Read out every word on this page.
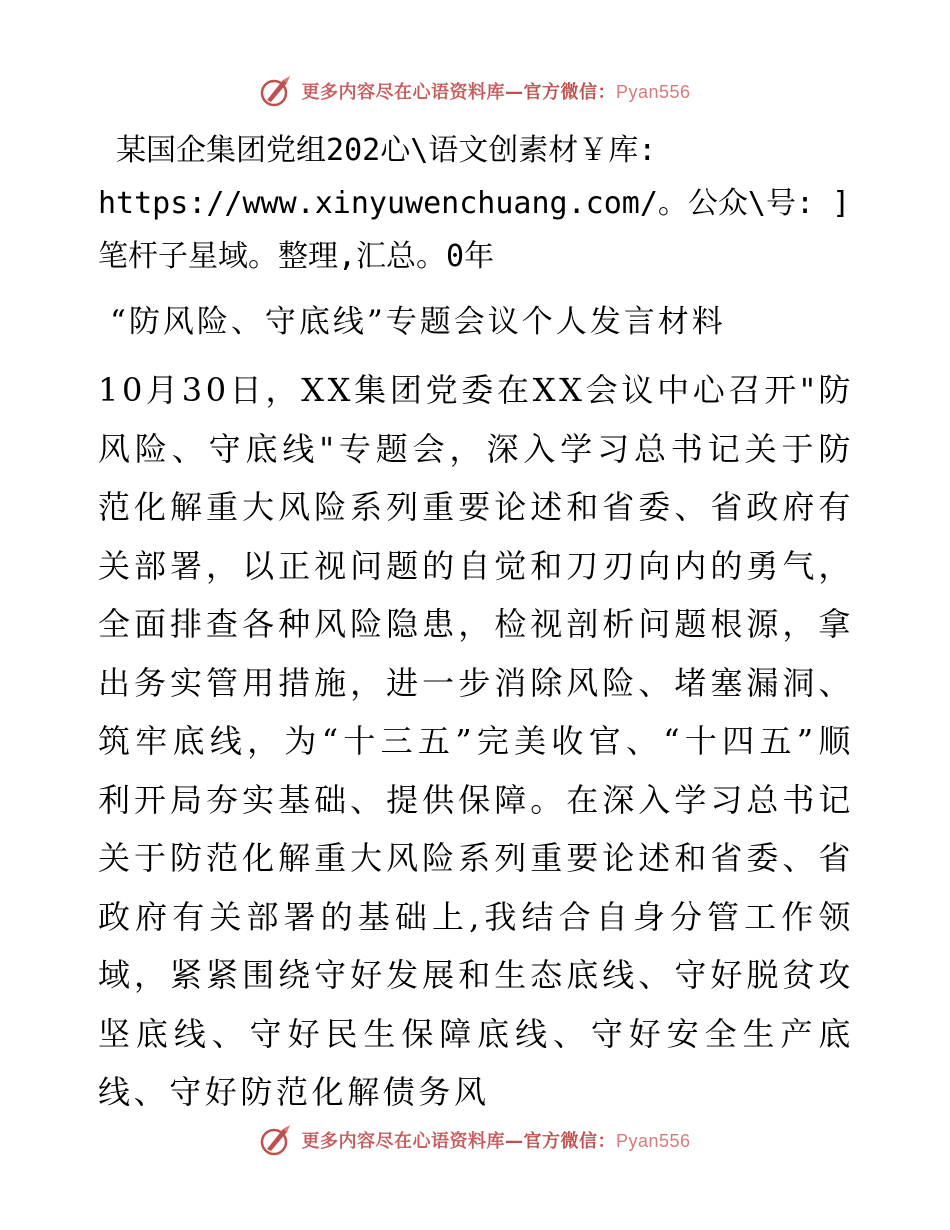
更多内容尽在心语资料库—官方微信：Pyan556
某国企集团党组202心\语文创素材￥库:
https://www.xinyuwenchuang.com/。公众\号: ]
笔杆子星域。整理,汇总。0年
“防风险、守底线”专题会议个人发言材料
10月30日，XX集团党委在XX会议中心召开"防风险、守底线"专题会，深入学习总书记关于防范化解重大风险系列重要论述和省委、省政府有关部署，以正视问题的自觉和刀刃向内的勇气，全面排查各种风险隐患，检视剖析问题根源，拿出务实管用措施，进一步消除风险、堵塞漏洞、筑牢底线，为“十三五”完美收官、“十四五”顺利开局夯实基础、提供保障。在深入学习总书记关于防范化解重大风险系列重要论述和省委、省政府有关部署的基础上,我结合自身分管工作领域，紧紧围绕守好发展和生态底线、守好脱贫攻坚底线、守好民生保障底线、守好安全生产底线、守好防范化解债务风
更多内容尽在心语资料库—官方微信：Pyan556
